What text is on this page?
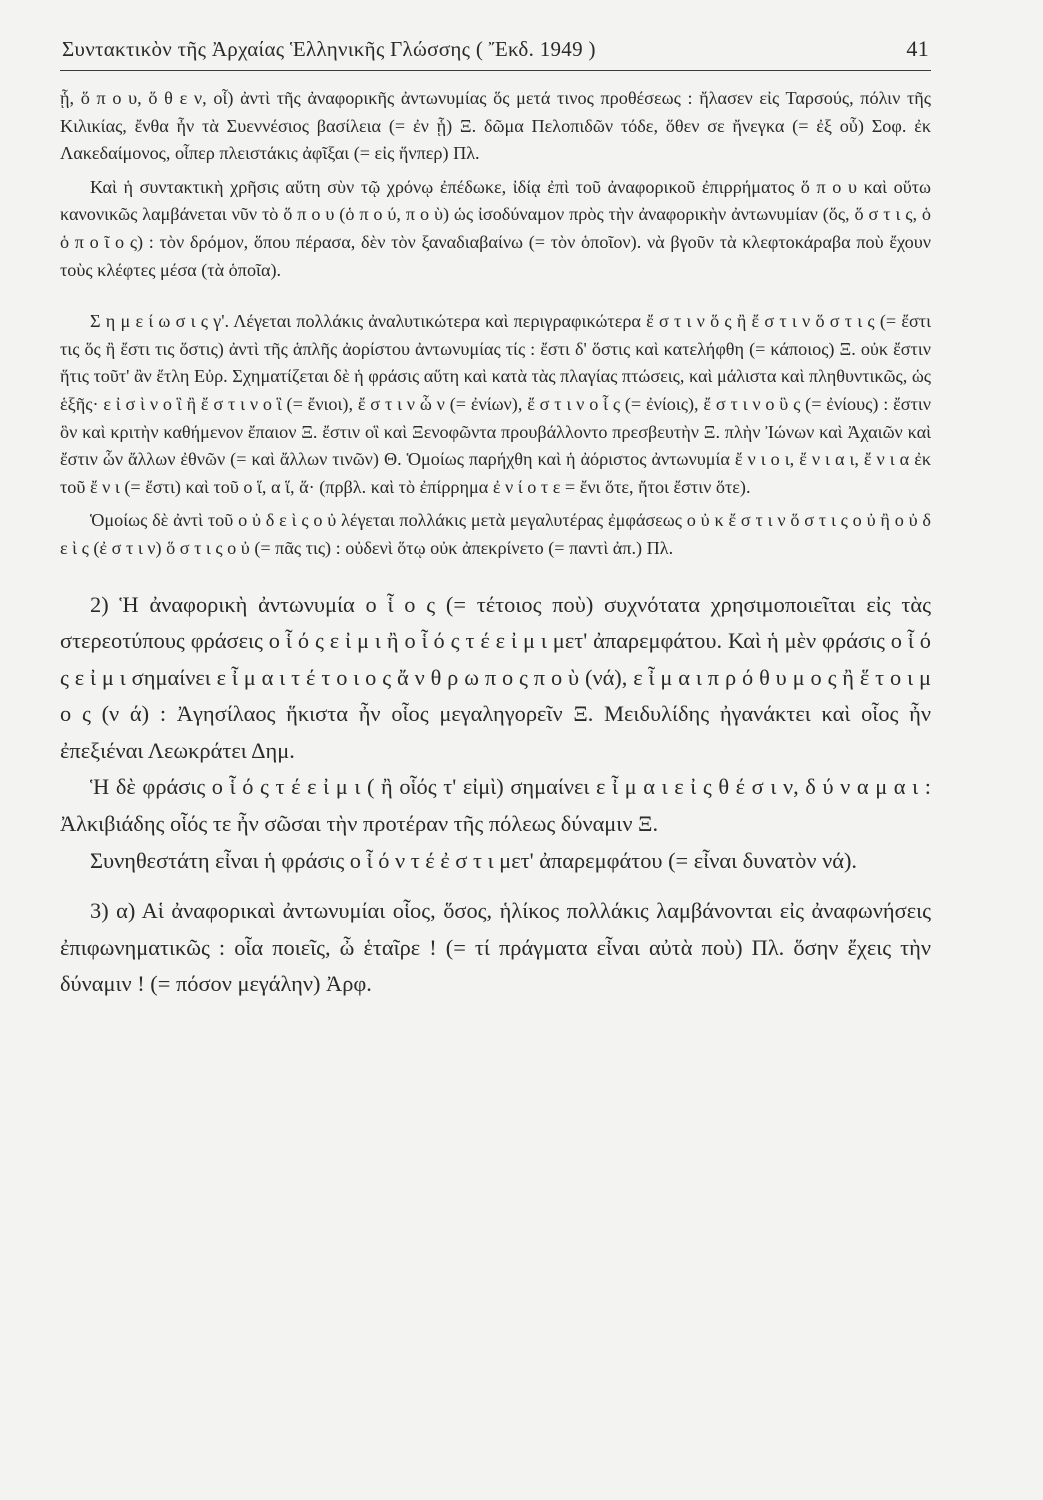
Συντακτικὸν τῆς Ἀρχαίας Ἑλληνικῆς Γλώσσης ( Ἔκδ. 1949 )	41

ᾗ, ὅ π ο υ, ὅ θ ε ν, οἷ) ἀντὶ τῆς ἀναφορικῆς ἀντωνυμίας ὅς μετά τινος προθέσεως : ἤλασεν εἰς Ταρσούς, πόλιν τῆς Κιλικίας, ἔνθα ἦν τὰ Συεννέσιος βασίλεια (= ἐν ᾗ) Ξ. δῶμα Πελοπιδῶν τόδε, ὅθεν σε ἤνεγκα (= ἐξ οὗ) Σοφ. ἐκ Λακεδαίμονος, οἷπερ πλειστάκις ἀφῖξαι (= εἰς ἥνπερ) Πλ.

Καὶ ἡ συντακτικὴ χρῆσις αὕτη σὺν τῷ χρόνῳ ἐπέδωκε, ἰδίᾳ ἐπὶ τοῦ ἀναφορικοῦ ἐπιρρήματος ὅ π ο υ καὶ οὕτω κανονικῶς λαμβάνεται νῦν τὸ ὅ π ο υ (ὁ π ο ύ, π ο ὺ) ὡς ἰσοδύναμον πρὸς τὴν ἀναφορικὴν ἀντωνυμίαν (ὅς, ὅ σ τ ι ς, ὁ ὁ π ο ῖ ο ς) : τὸν δρόμον, ὅπου πέρασα, δὲν τὸν ξαναδιαβαίνω (= τὸν ὁποῖον). νὰ βγοῦν τὰ κλεφτοκάραβα ποὺ ἔχουν τοὺς κλέφτες μέσα (τὰ ὁποῖα).

Σ η μ ε ί ω σ ι ς γ'. Λέγεται πολλάκις ἀναλυτικώτερα καὶ περιγραφικώτερα ἔ σ τ ι ν ὅ ς ἢ ἔ σ τ ι ν ὅ σ τ ι ς (= ἔστι τις ὅς ἢ ἔστι τις ὅστις) ἀντὶ τῆς ἁπλῆς ἀορίστου ἀντωνυμίας τίς : ἔστι δ' ὅστις καὶ κατελήφθη (= κάποιος) Ξ. οὐκ ἔστιν ἥτις τοῦτ' ἂν ἔτλη Εὐρ. Σχηματίζεται δὲ ἡ φράσις αὕτη καὶ κατὰ τὰς πλαγίας πτώσεις, καὶ μάλιστα καὶ πληθυντικῶς, ὡς ἑξῆς· ε ἰ σ ὶ ν ο ἳ ἢ ἔ σ τ ι ν ο ἳ (= ἔνιοι), ἔ σ τ ι ν ὧ ν (= ἐνίων), ἔ σ τ ι ν ο ἷ ς (= ἐνίοις), ἔ σ τ ι ν ο ὓ ς (= ἐνίους) : ἔστιν ὃν καὶ κριτὴν καθήμενον ἔπαιον Ξ. ἔστιν οἳ καὶ Ξενοφῶντα προυβάλλοντο πρεσβευτὴν Ξ. πλὴν Ἰώνων καὶ Ἀχαιῶν καὶ ἔστιν ὧν ἄλλων ἐθνῶν (= καὶ ἄλλων τινῶν) Θ. Ὁμοίως παρήχθη καὶ ἡ ἀόριστος ἀντωνυμία ἔ ν ι ο ι, ἔ ν ι α ι, ἔ ν ι α ἐκ τοῦ ἔ ν ι (= ἔστι) καὶ τοῦ ο ἵ, α ἵ, ἅ· (πρβλ. καὶ τὸ ἐπίρρημα ἐ ν ί ο τ ε = ἔνι ὅτε, ἤτοι ἔστιν ὅτε).

Ὁμοίως δὲ ἀντὶ τοῦ ο ὐ δ ε ὶ ς ο ὐ λέγεται πολλάκις μετὰ μεγαλυτέρας ἐμφάσεως ο ὐ κ ἔ σ τ ι ν ὅ σ τ ι ς ο ὐ ἢ ο ὐ δ ε ὶ ς (ἐ σ τ ι ν) ὅ σ τ ι ς ο ὐ (= πᾶς τις) : οὐδενὶ ὅτῳ οὐκ ἀπεκρίνετο (= παντὶ ἀπ.) Πλ.

2) Ἡ ἀναφορικὴ ἀντωνυμία ο ἷ ο ς (= τέτοιος ποὺ) συχνότατα χρησιμοποιεῖται εἰς τὰς στερεοτύπους φράσεις ο ἷ ό ς ε ἰ μ ι ἢ ο ἷ ό ς τ έ ε ἰ μ ι μετ' ἀπαρεμφάτου. Καὶ ἡ μὲν φράσις ο ἷ ό ς ε ἰ μ ι σημαίνει ε ἶ μ α ι τ έ τ ο ι ο ς ἄ ν θ ρ ω π ο ς π ο ὺ (νά), ε ἶ μ α ι π ρ ό θ υ μ ο ς ἢ ἕ τ ο ι μ ο ς (ν ά) : Ἀγησίλαος ἥκιστα ἦν οἷος μεγαληγορεῖν Ξ. Μειδυλίδης ἠγανάκτει καὶ οἷος ἦν ἐπεξιέναι Λεωκράτει Δημ.

Ἡ δὲ φράσις ο ἷ ό ς τ έ ε ἰ μ ι ( ἢ οἷός τ' εἰμὶ) σημαίνει ε ἶ μ α ι ε ἰ ς θ έ σ ι ν, δ ύ ν α μ α ι : Ἀλκιβιάδης οἷός τε ἦν σῶσαι τὴν προτέραν τῆς πόλεως δύναμιν Ξ.

Συνηθεστάτη εἶναι ἡ φράσις ο ἷ ό ν τ έ ἐ σ τ ι μετ' ἀπαρεμφάτου (= εἶναι δυνατὸν νά).

3) α) Αἱ ἀναφορικαὶ ἀντωνυμίαι οἷος, ὅσος, ἡλίκος πολλάκις λαμβάνονται εἰς ἀναφωνήσεις ἐπιφωνηματικῶς : οἷα ποιεῖς, ὦ ἑταῖρε ! (= τί πράγματα εἶναι αὐτὰ ποὺ) Πλ. ὅσην ἔχεις τὴν δύναμιν ! (= πόσον μεγάλην) Ἀρφ.
